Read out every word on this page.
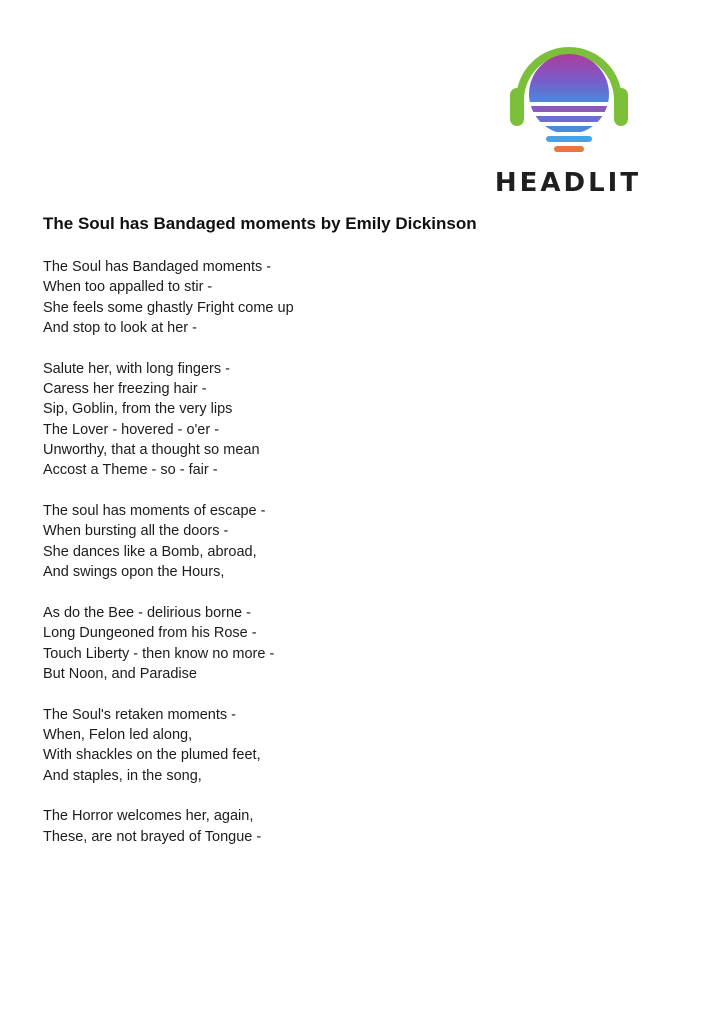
HEADLIT
The Soul has Bandaged moments by Emily Dickinson
The Soul has Bandaged moments -
When too appalled to stir -
She feels some ghastly Fright come up
And stop to look at her -
Salute her, with long fingers -
Caress her freezing hair -
Sip, Goblin, from the very lips
The Lover - hovered - o'er -
Unworthy, that a thought so mean
Accost a Theme - so - fair -
The soul has moments of escape -
When bursting all the doors -
She dances like a Bomb, abroad,
And swings opon the Hours,
As do the Bee - delirious borne -
Long Dungeoned from his Rose -
Touch Liberty - then know no more -
But Noon, and Paradise
The Soul's retaken moments -
When, Felon led along,
With shackles on the plumed feet,
And staples, in the song,
The Horror welcomes her, again,
These, are not brayed of Tongue -
